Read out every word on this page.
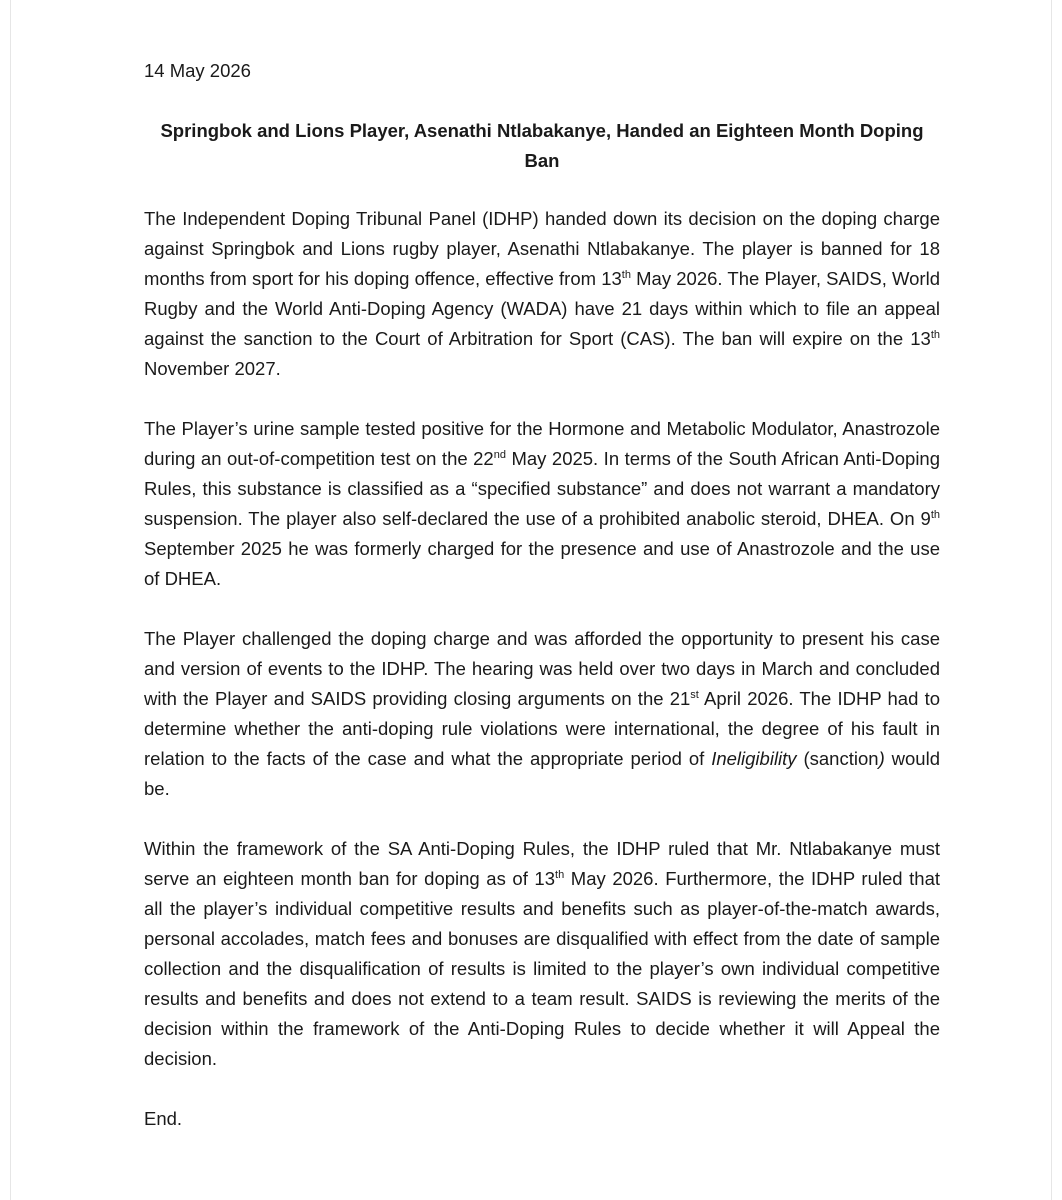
14 May 2026

Springbok and Lions Player, Asenathi Ntlabakanye, Handed an Eighteen Month Doping Ban

The Independent Doping Tribunal Panel (IDHP) handed down its decision on the doping charge against Springbok and Lions rugby player, Asenathi Ntlabakanye. The player is banned for 18 months from sport for his doping offence, effective from 13th May 2026. The Player, SAIDS, World Rugby and the World Anti-Doping Agency (WADA) have 21 days within which to file an appeal against the sanction to the Court of Arbitration for Sport (CAS). The ban will expire on the 13th November 2027.

The Player’s urine sample tested positive for the Hormone and Metabolic Modulator, Anastrozole during an out-of-competition test on the 22nd May 2025. In terms of the South African Anti-Doping Rules, this substance is classified as a “specified substance” and does not warrant a mandatory suspension. The player also self-declared the use of a prohibited anabolic steroid, DHEA. On 9th September 2025 he was formerly charged for the presence and use of Anastrozole and the use of DHEA.

The Player challenged the doping charge and was afforded the opportunity to present his case and version of events to the IDHP. The hearing was held over two days in March and concluded with the Player and SAIDS providing closing arguments on the 21st April 2026. The IDHP had to determine whether the anti-doping rule violations were international, the degree of his fault in relation to the facts of the case and what the appropriate period of Ineligibility (sanction) would be.

Within the framework of the SA Anti-Doping Rules, the IDHP ruled that Mr. Ntlabakanye must serve an eighteen month ban for doping as of 13th May 2026. Furthermore, the IDHP ruled that all the player’s individual competitive results and benefits such as player-of-the-match awards, personal accolades, match fees and bonuses are disqualified with effect from the date of sample collection and the disqualification of results is limited to the player’s own individual competitive results and benefits and does not extend to a team result. SAIDS is reviewing the merits of the decision within the framework of the Anti-Doping Rules to decide whether it will Appeal the decision.

End.
